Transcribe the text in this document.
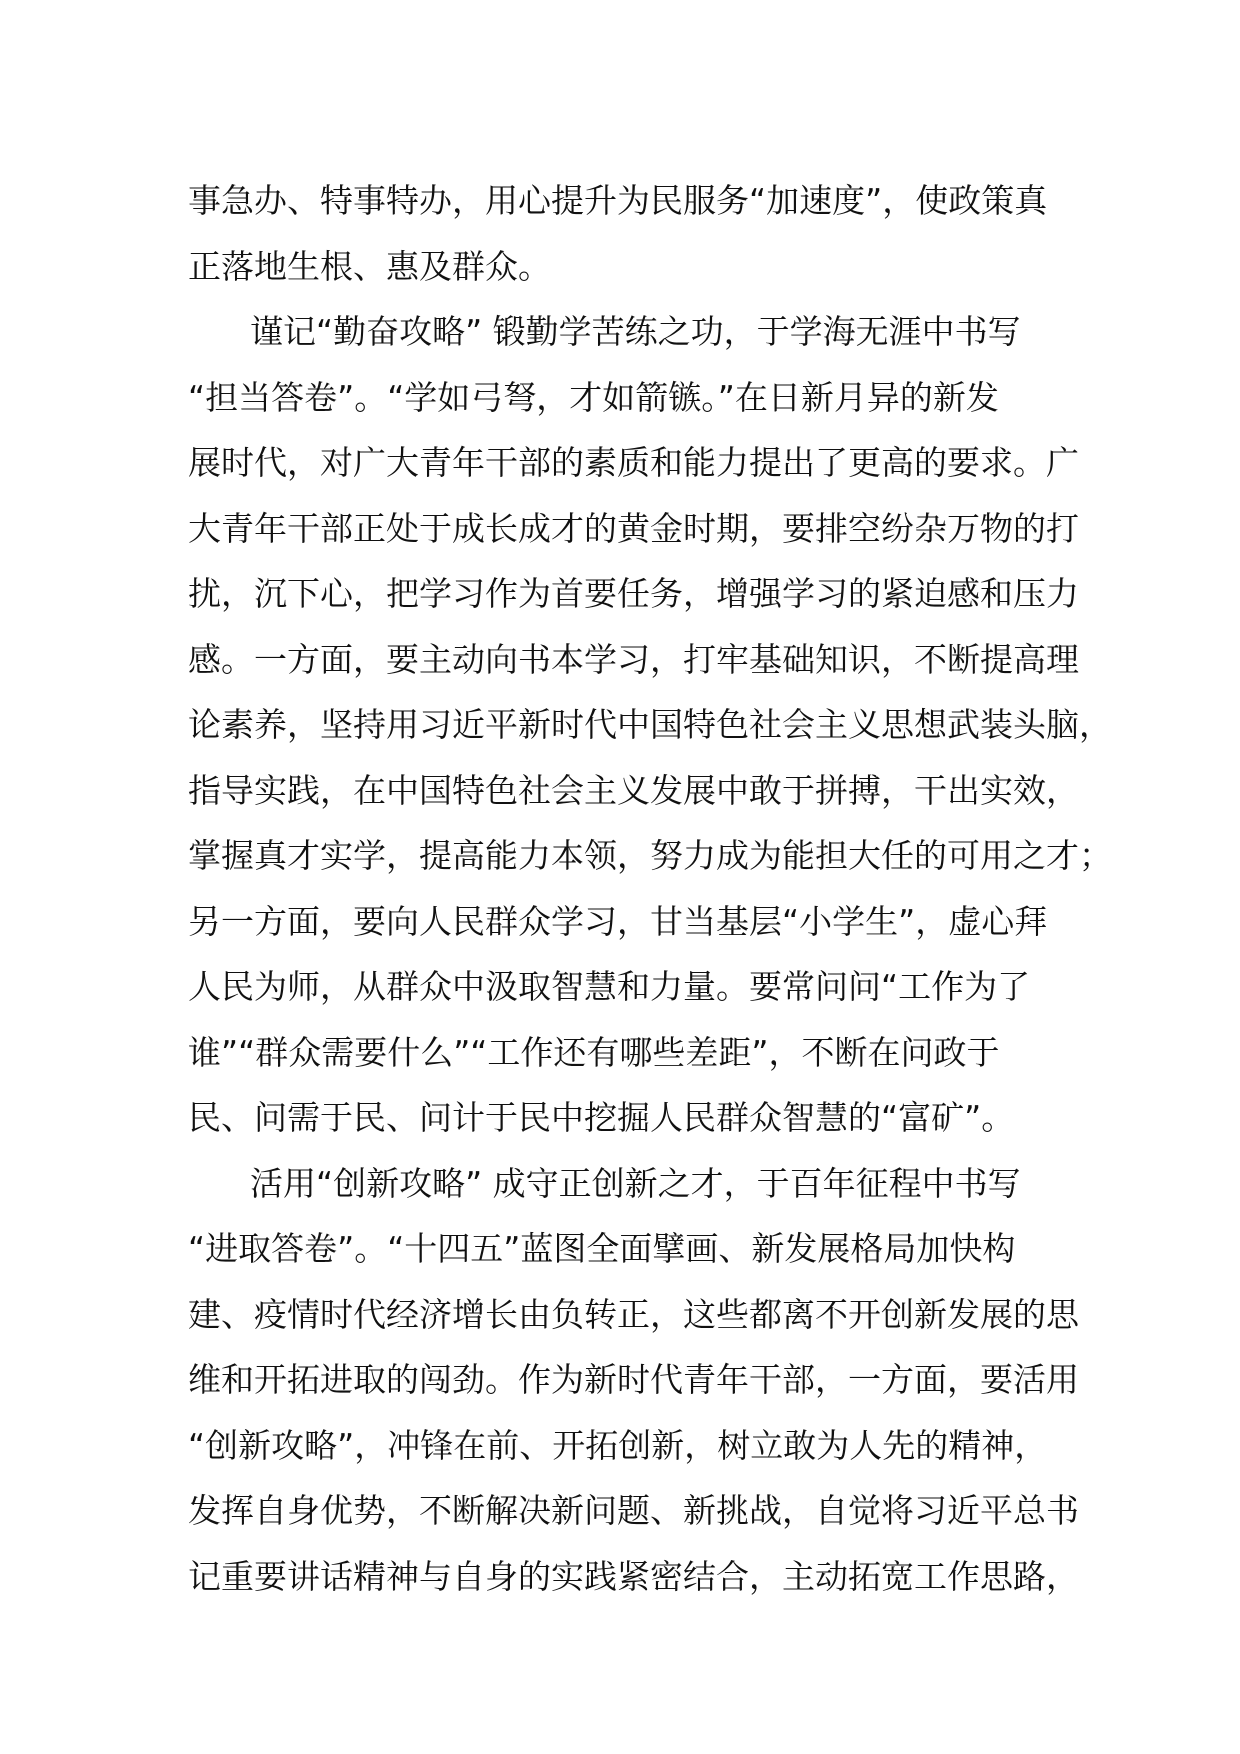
事急办、特事特办，用心提升为民服务“加速度”，使政策真
正落地生根、惠及群众。
谨记“勤奋攻略” 锻勤学苦练之功，于学海无涯中书写
“担当答卷”。“学如弓弩，才如箭镞。”在日新月异的新发
展时代，对广大青年干部的素质和能力提出了更高的要求。广
大青年干部正处于成长成才的黄金时期，要排空纷杂万物的打
扰，沉下心，把学习作为首要任务，增强学习的紧迫感和压力
感。一方面，要主动向书本学习，打牢基础知识，不断提高理
论素养，坚持用习近平新时代中国特色社会主义思想武装头脑，
指导实践，在中国特色社会主义发展中敢于拼搏，干出实效，
掌握真才实学，提高能力本领，努力成为能担大任的可用之才；
另一方面，要向人民群众学习，甘当基层“小学生”，虚心拜
人民为师，从群众中汲取智慧和力量。要常问问“工作为了
谁”“群众需要什么”“工作还有哪些差距”，不断在问政于
民、问需于民、问计于民中挖掘人民群众智慧的“富矿”。
活用“创新攻略” 成守正创新之才，于百年征程中书写
“进取答卷”。“十四五”蓝图全面擘画、新发展格局加快构
建、疫情时代经济增长由负转正，这些都离不开创新发展的思
维和开拓进取的闯劲。作为新时代青年干部，一方面，要活用
“创新攻略”，冲锋在前、开拓创新，树立敢为人先的精神，
发挥自身优势，不断解决新问题、新挑战，自觉将习近平总书
记重要讲话精神与自身的实践紧密结合，主动拓宽工作思路，
